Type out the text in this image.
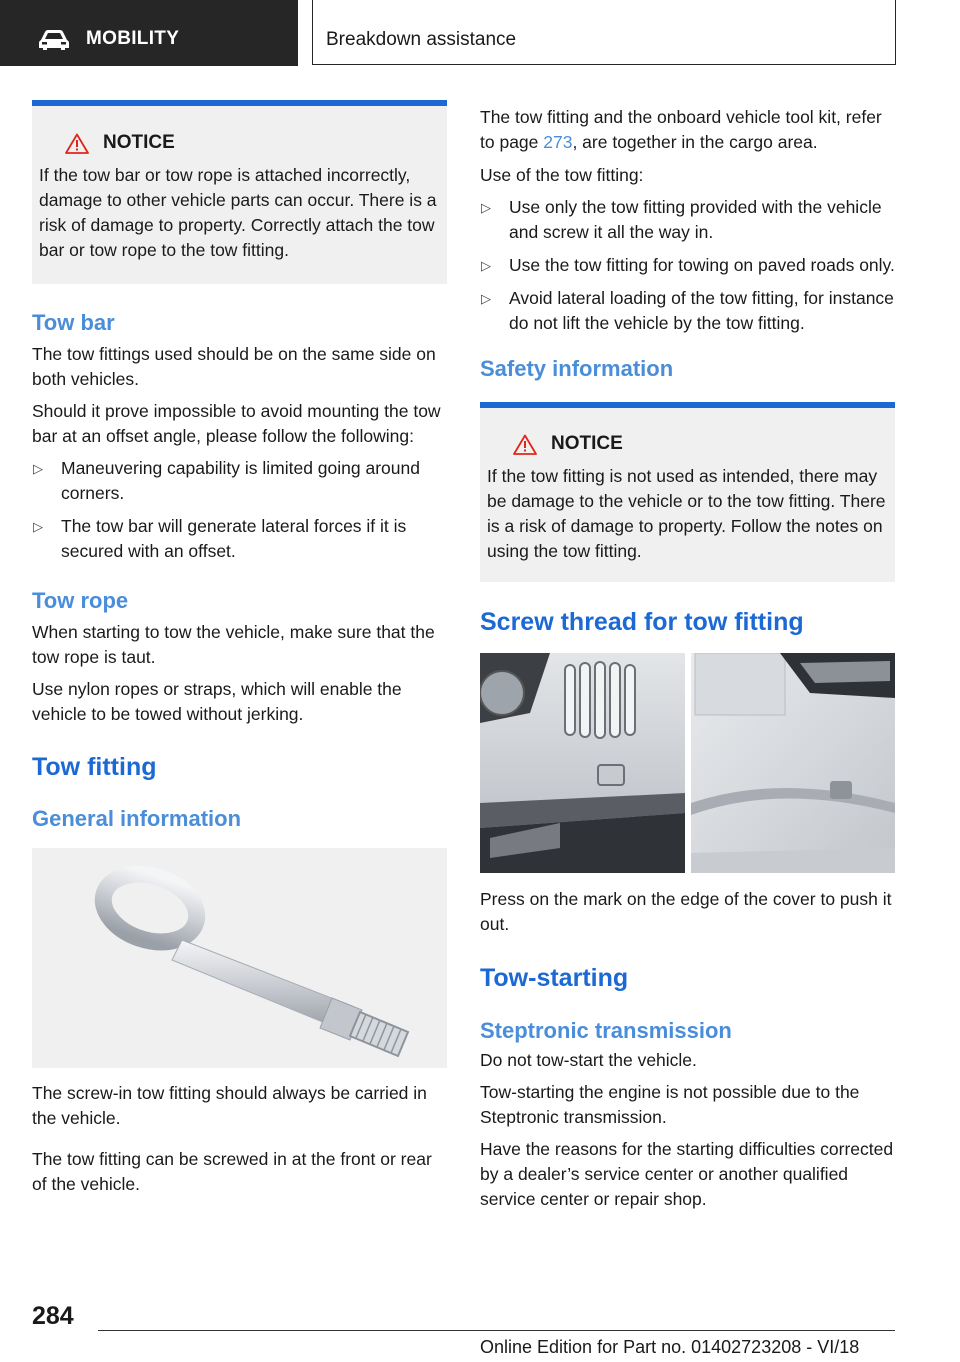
MOBILITY	Breakdown assistance
NOTICE

If the tow bar or tow rope is attached incorrectly, damage to other vehicle parts can occur. There is a risk of damage to property. Correctly attach the tow bar or tow rope to the tow fitting.

Tow bar

The tow fittings used should be on the same side on both vehicles.

Should it prove impossible to avoid mounting the tow bar at an offset angle, please follow the following:

▷ Maneuvering capability is limited going around corners.
▷ The tow bar will generate lateral forces if it is secured with an offset.
Tow rope

When starting to tow the vehicle, make sure that the tow rope is taut.

Use nylon ropes or straps, which will enable the vehicle to be towed without jerking.

Tow fitting
General information

The screw-in tow fitting should always be carried in the vehicle.

The tow fitting can be screwed in at the front or rear of the vehicle.

The tow fitting and the onboard vehicle tool kit, refer to page 273, are together in the cargo area.

Use of the tow fitting:

▷ Use only the tow fitting provided with the vehicle and screw it all the way in.
▷ Use the tow fitting for towing on paved roads only.
▷ Avoid lateral loading of the tow fitting, for instance do not lift the vehicle by the tow fitting.
Safety information
NOTICE

If the tow fitting is not used as intended, there may be damage to the vehicle or to the tow fitting. There is a risk of damage to property. Follow the notes on using the tow fitting.

Screw thread for tow fitting

Press on the mark on the edge of the cover to push it out.

Tow-starting
Steptronic transmission

Do not tow-start the vehicle.

Tow-starting the engine is not possible due to the Steptronic transmission.

Have the reasons for the starting difficulties corrected by a dealer’s service center or another qualified service center or repair shop.

284
Online Edition for Part no. 01402723208 - VI/18
